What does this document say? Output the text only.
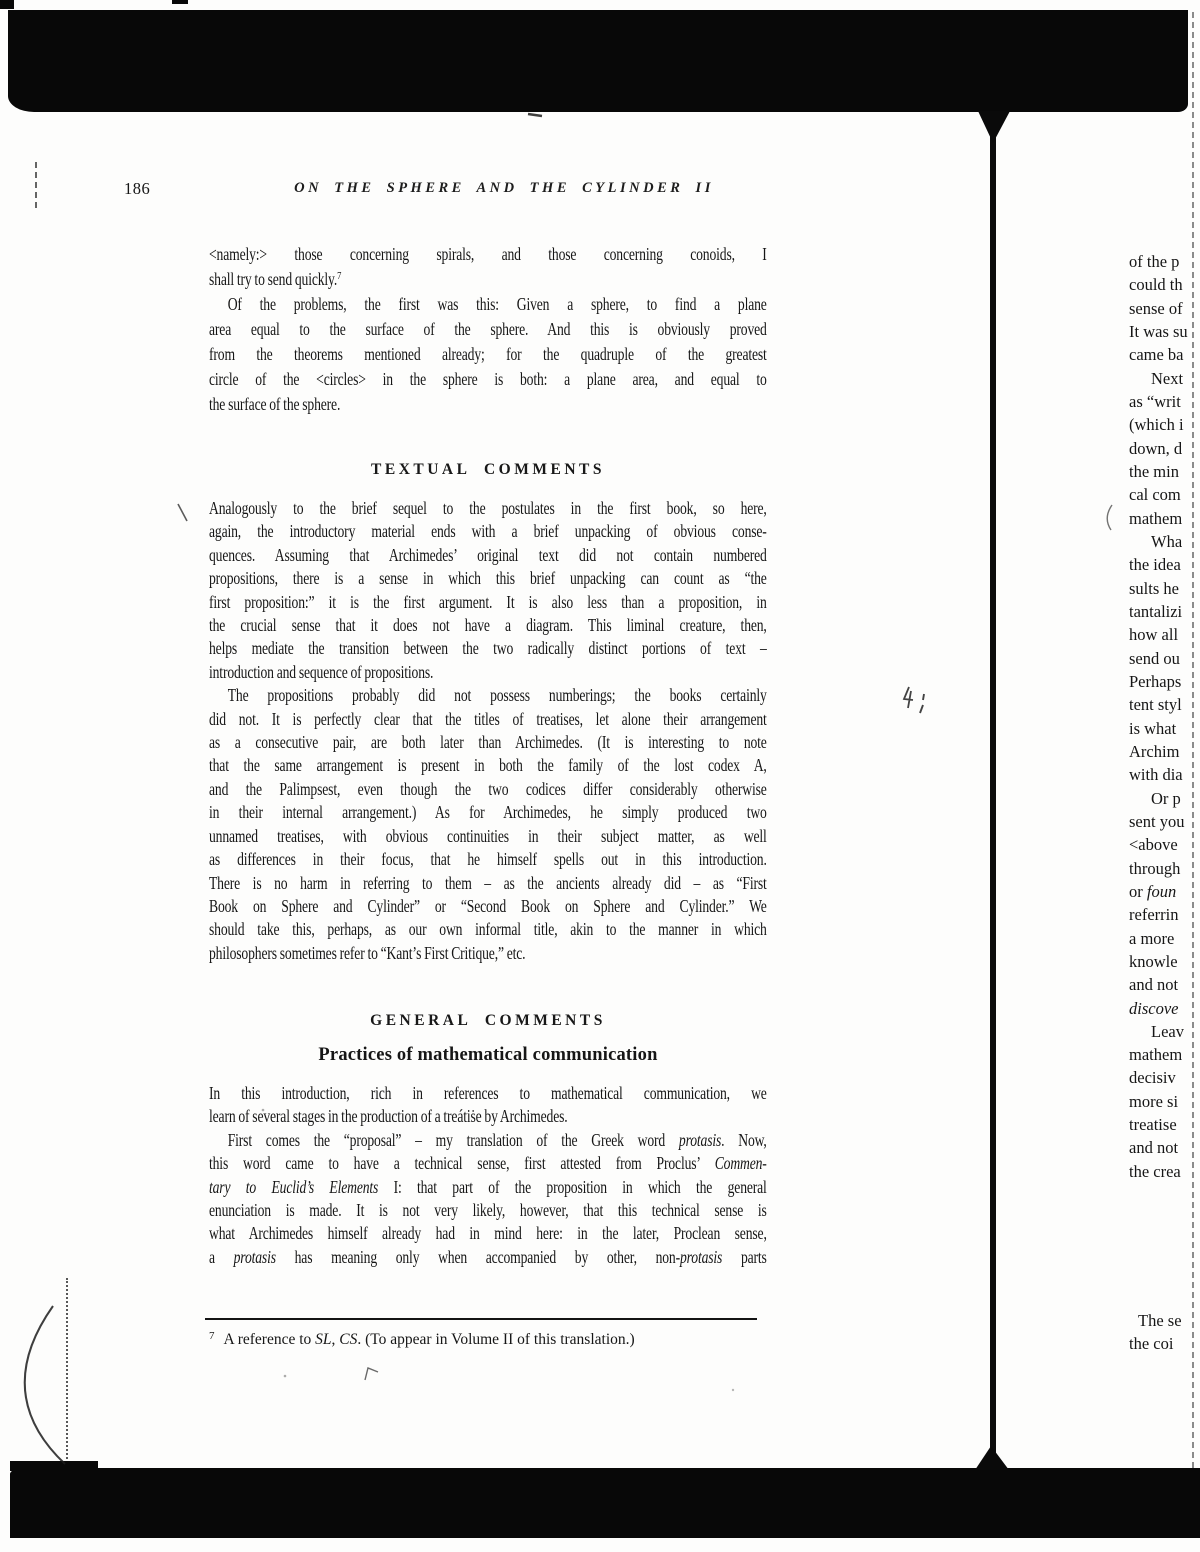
186	ON THE SPHERE AND THE CYLINDER II
<namely:> those concerning spirals, and those concerning conoids, I
shall try to send quickly.$^7$
Of the problems, the first was this: Given a sphere, to find a plane
area equal to the surface of the sphere. And this is obviously proved
from the theorems mentioned already; for the quadruple of the greatest
circle of the <circles> in the sphere is both: a plane area, and equal to
the surface of the sphere.
TEXTUAL COMMENTS
Analogously to the brief sequel to the postulates in the first book, so here,
again, the introductory material ends with a brief unpacking of obvious conse-
quences. Assuming that Archimedes’ original text did not contain numbered
propositions, there is a sense in which this brief unpacking can count as “the
first proposition:” it is the first argument. It is also less than a proposition, in
the crucial sense that it does not have a diagram. This liminal creature, then,
helps mediate the transition between the two radically distinct portions of text –
introduction and sequence of propositions.
The propositions probably did not possess numberings; the books certainly
did not. It is perfectly clear that the titles of treatises, let alone their arrangement
as a consecutive pair, are both later than Archimedes. (It is interesting to note
that the same arrangement is present in both the family of the lost codex A,
and the Palimpsest, even though the two codices differ considerably otherwise
in their internal arrangement.) As for Archimedes, he simply produced two
unnamed treatises, with obvious continuities in their subject matter, as well
as differences in their focus, that he himself spells out in this introduction.
There is no harm in referring to them – as the ancients already did – as “First
Book on Sphere and Cylinder” or “Second Book on Sphere and Cylinder.” We
should take this, perhaps, as our own informal title, akin to the manner in which
philosophers sometimes refer to “Kant’s First Critique,” etc.
GENERAL COMMENTS
Practices of mathematical communication
In this introduction, rich in references to mathematical communication, we
learn of several stages in the production of a treátiṡe by Archimedes.
First comes the “proposal” – my translation of the Greek word protasis. Now,
this word came to have a technical sense, first attested from Proclus’ Commen-
tary to Euclid’s Elements I: that part of the proposition in which the general
enunciation is made. It is not very likely, however, that this technical sense is
what Archimedes himself already had in mind here: in the later, Proclean sense,
a protasis has meaning only when accompanied by other, non-protasis parts
$^7$ A reference to SL, CS. (To appear in Volume II of this translation.)
of the p
could th
sense of
It was su
came ba
Next
as “writ
(which i
down, d
the min
cal com
mathem
Wha
the idea
sults he
tantalizi
how all
send ou
Perhaps
tent styl
is what
Archim
with dia
Or p
sent you
<above
through
or foun
referrin
a more
knowle
and not
discove
Leav
mathem
decisiv
more si
treatise
and not
the crea
The se
the coi
